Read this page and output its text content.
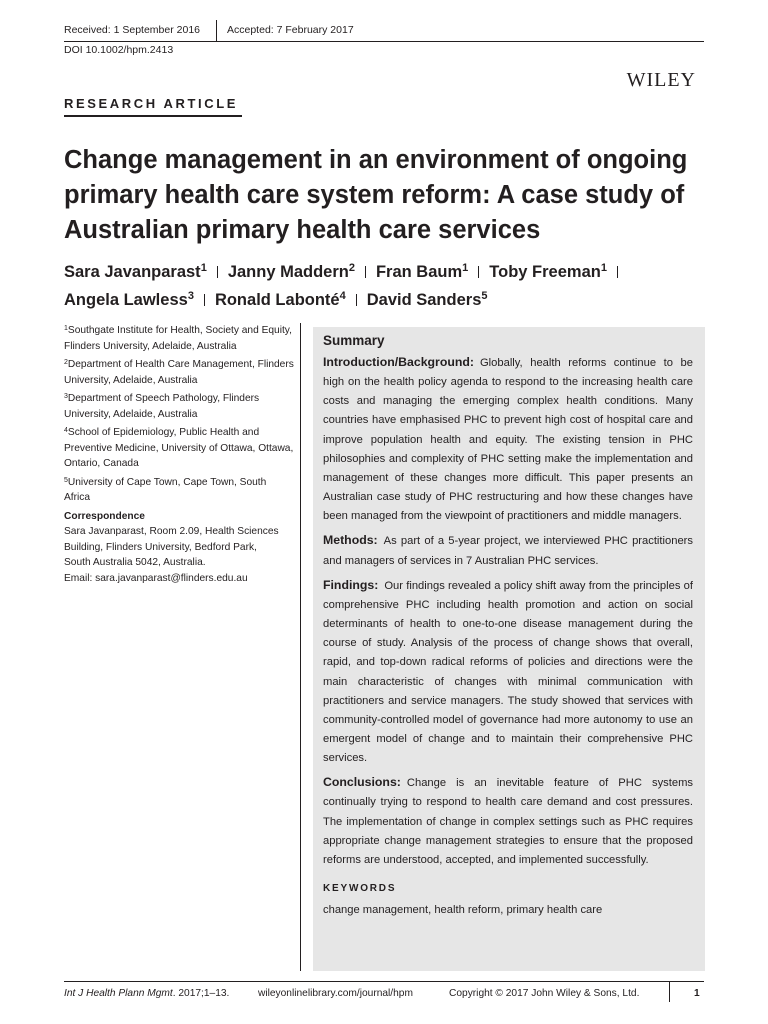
Received: 1 September 2016	Accepted: 7 February 2017
DOI 10.1002/hpm.2413
WILEY
RESEARCH ARTICLE
Change management in an environment of ongoing
primary health care system reform: A case study of
Australian primary health care services
Sara Javanparast$^1$ Janny Maddern$^2$ Fran Baum$^1$ Toby Freeman$^1$
Angela Lawless$^3$ Ronald Labonté$^4$ David Sanders$^5$
$^1$Southgate Institute for Health, Society and Equity, Flinders University, Adelaide, Australia
$^2$Department of Health Care Management, Flinders University, Adelaide, Australia
$^3$Department of Speech Pathology, Flinders University, Adelaide, Australia
$^4$School of Epidemiology, Public Health and Preventive Medicine, University of Ottawa, Ottawa, Ontario, Canada
$^5$University of Cape Town, Cape Town, South Africa
Correspondence
Sara Javanparast, Room 2.09, Health Sciences
Building, Flinders University, Bedford Park,
South Australia 5042, Australia.
Email: sara.javanparast@flinders.edu.au
Summary

Introduction/Background: Globally, health reforms continue to be high on the health policy agenda to respond to the increasing health care costs and managing the emerging complex health conditions. Many countries have emphasised PHC to prevent high cost of hospital care and improve population health and equity. The existing tension in PHC philosophies and complexity of PHC setting make the implementation and management of these changes more difficult. This paper presents an Australian case study of PHC restructuring and how these changes have been managed from the viewpoint of practitioners and middle managers.

Methods: As part of a 5-year project, we interviewed PHC practitioners and managers of services in 7 Australian PHC services.

Findings: Our findings revealed a policy shift away from the principles of comprehensive PHC including health promotion and action on social determinants of health to one-to-one disease management during the course of study. Analysis of the process of change shows that overall, rapid, and top-down radical reforms of policies and directions were the main characteristic of changes with minimal communication with practitioners and service managers. The study showed that services with community-controlled model of governance had more autonomy to use an emergent model of change and to maintain their comprehensive PHC services.

Conclusions: Change is an inevitable feature of PHC systems continually trying to respond to health care demand and cost pressures. The implementation of change in complex settings such as PHC requires appropriate change management strategies to ensure that the proposed reforms are understood, accepted, and implemented successfully.

KEYWORDS
change management, health reform, primary health care
Int J Health Plann Mgmt. 2017;1–13.	wileyonlinelibrary.com/journal/hpm	Copyright © 2017 John Wiley & Sons, Ltd.	1
